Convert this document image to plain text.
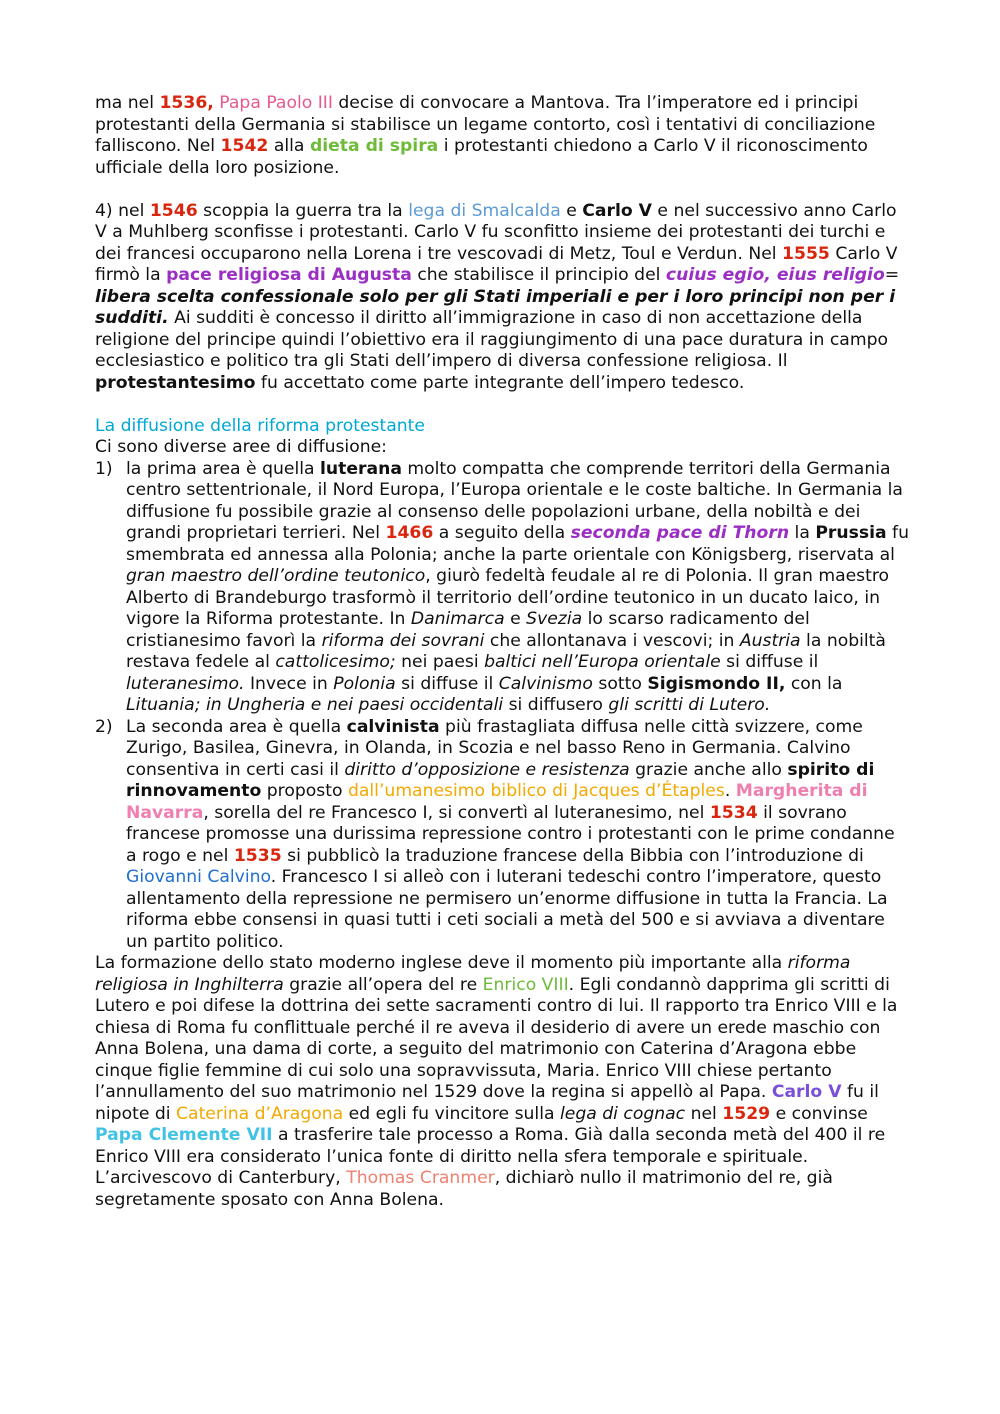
ma nel 1536, Papa Paolo III decise di convocare a Mantova. Tra l’imperatore ed i principi protestanti della Germania si stabilisce un legame contorto, così i tentativi di conciliazione falliscono. Nel 1542 alla dieta di spira i protestanti chiedono a Carlo V il riconoscimento ufficiale della loro posizione.

4) nel 1546 scoppia la guerra tra la lega di Smalcalda e Carlo V e nel successivo anno Carlo V a Muhlberg sconfisse i protestanti. Carlo V fu sconfitto insieme dei protestanti dei turchi e dei francesi occuparono nella Lorena i tre vescovadi di Metz, Toul e Verdun. Nel 1555 Carlo V firmò la pace religiosa di Augusta che stabilisce il principio del cuius egio, eius religio= libera scelta confessionale solo per gli Stati imperiali e per i loro principi non per i sudditi. Ai sudditi è concesso il diritto all’immigrazione in caso di non accettazione della religione del principe quindi l’obiettivo era il raggiungimento di una pace duratura in campo ecclesiastico e politico tra gli Stati dell’impero di diversa confessione religiosa. Il protestantesimo fu accettato come parte integrante dell’impero tedesco.

La diffusione della riforma protestante

Ci sono diverse aree di diffusione:

1) la prima area è quella luterana molto compatta che comprende territori della Germania centro settentrionale, il Nord Europa, l’Europa orientale e le coste baltiche. In Germania la diffusione fu possibile grazie al consenso delle popolazioni urbane, della nobiltà e dei grandi proprietari terrieri. Nel 1466 a seguito della seconda pace di Thorn la Prussia fu smembrata ed annessa alla Polonia; anche la parte orientale con Königsberg, riservata al gran maestro dell’ordine teutonico, giurò fedeltà feudale al re di Polonia. Il gran maestro Alberto di Brandeburgo trasformò il territorio dell’ordine teutonico in un ducato laico, in vigore la Riforma protestante. In Danimarca e Svezia lo scarso radicamento del cristianesimo favorì la riforma dei sovrani che allontanava i vescovi; in Austria la nobiltà restava fedele al cattolicesimo; nei paesi baltici nell’Europa orientale si diffuse il luteranesimo. Invece in Polonia si diffuse il Calvinismo sotto Sigismondo II, con la Lituania; in Ungheria e nei paesi occidentali si diffusero gli scritti di Lutero.
2) La seconda area è quella calvinista più frastagliata diffusa nelle città svizzere, come Zurigo, Basilea, Ginevra, in Olanda, in Scozia e nel basso Reno in Germania. Calvino consentiva in certi casi il diritto d’opposizione e resistenza grazie anche allo spirito di rinnovamento proposto dall’umanesimo biblico di Jacques d’Étaples. Margherita di Navarra, sorella del re Francesco I, si convertì al luteranesimo, nel 1534 il sovrano francese promosse una durissima repressione contro i protestanti con le prime condanne a rogo e nel 1535 si pubblicò la traduzione francese della Bibbia con l’introduzione di Giovanni Calvino. Francesco I si alleò con i luterani tedeschi contro l’imperatore, questo allentamento della repressione ne permisero un’enorme diffusione in tutta la Francia. La riforma ebbe consensi in quasi tutti i ceti sociali a metà del 500 e si avviava a diventare un partito politico.

La formazione dello stato moderno inglese deve il momento più importante alla riforma religiosa in Inghilterra grazie all’opera del re Enrico VIII. Egli condannò dapprima gli scritti di Lutero e poi difese la dottrina dei sette sacramenti contro di lui. Il rapporto tra Enrico VIII e la chiesa di Roma fu conflittuale perché il re aveva il desiderio di avere un erede maschio con Anna Bolena, una dama di corte, a seguito del matrimonio con Caterina d’Aragona ebbe cinque figlie femmine di cui solo una sopravvissuta, Maria. Enrico VIII chiese pertanto l’annullamento del suo matrimonio nel 1529 dove la regina si appellò al Papa. Carlo V fu il nipote di Caterina d’Aragona ed egli fu vincitore sulla lega di cognac nel 1529 e convinse Papa Clemente VII a trasferire tale processo a Roma. Già dalla seconda metà del 400 il re Enrico VIII era considerato l’unica fonte di diritto nella sfera temporale e spirituale. L’arcivescovo di Canterbury, Thomas Cranmer, dichiarò nullo il matrimonio del re, già segretamente sposato con Anna Bolena.
